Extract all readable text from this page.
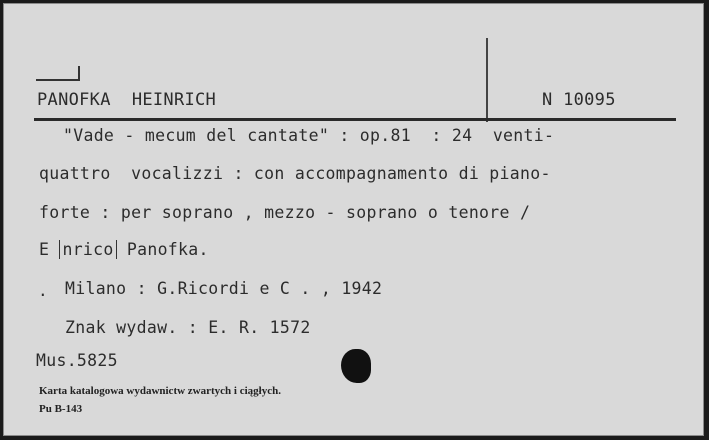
PANOFKA  HEINRICH	N 10095
"Vade - mecum del cantate" : op.81  : 24  venti-
quattro  vocalizzi : con accompagnamento di piano-
forte : per soprano , mezzo - soprano o tenore /
E nrico Panofka.
. Milano : G.Ricordi e C . , 1942
Znak wydaw. : E. R. 1572
Mus.5825
Karta katalogowa wydawnictw zwartych i ciągłych.
Pu B-143
